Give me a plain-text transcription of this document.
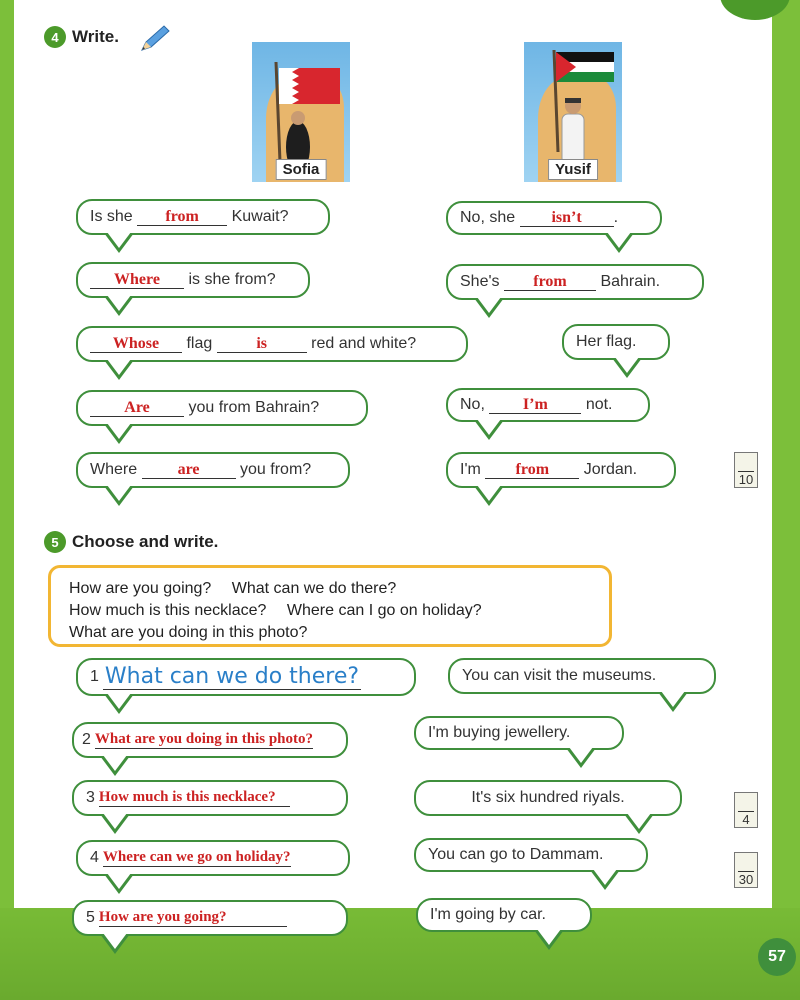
4 Write.
Sofia	Yusif
Is she
	from
	Kuwait?	No, she
	isn’t	.
Where
	is she from?	She's
	from
	Bahrain.
Whose
	flag
	is
	red and white?	Her flag.
Are
	you from Bahrain?	No,
	I’m
	not.
Where
	are
	you from?	I'm
	from
	Jordan.
10
5 Choose and write.
How are you going? What can we do there?
How much is this necklace? Where can I go on holiday?
What are you doing in this photo?
1 What can we do there?	You can visit the museums.
2 What are you doing in this photo?	I'm buying jewellery.
3 How much is this necklace?	It's six hundred riyals.
4 Where can we go on holiday?	You can go to Dammam.
5 How are you going?	I'm going by car.
4
30
57
